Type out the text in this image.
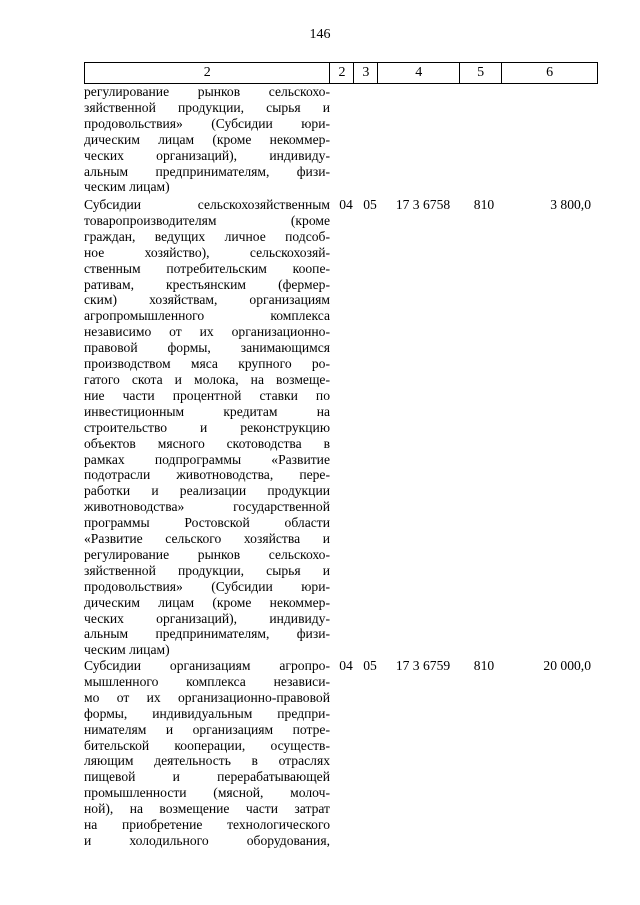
146
2	2	3	4	5	6
регулирование рынков сельскохо-
зяйственной продукции, сырья и
продовольствия» (Субсидии юри-
дическим лицам (кроме некоммер-
ческих организаций), индивиду-
альным предпринимателям, физи-
ческим лицам)
Субсидии сельскохозяйственным
товаропроизводителям (кроме
граждан, ведущих личное подсоб-
ное хозяйство), сельскохозяй-
ственным потребительским коопе-
ративам, крестьянским (фермер-
ским) хозяйствам, организациям
агропромышленного комплекса
независимо от их организационно-
правовой формы, занимающимся
производством мяса крупного ро-
гатого скота и молока, на возмеще-
ние части процентной ставки по
инвестиционным кредитам на
строительство и реконструкцию
объектов мясного скотоводства в
рамках подпрограммы «Развитие
подотрасли животноводства, пере-
работки и реализации продукции
животноводства» государственной
программы Ростовской области
«Развитие сельского хозяйства и
регулирование рынков сельскохо-
зяйственной продукции, сырья и
продовольствия» (Субсидии юри-
дическим лицам (кроме некоммер-
ческих организаций), индивиду-
альным предпринимателям, физи-
ческим лицам)
04 05	17 3 6758	810	3 800,0
Субсидии организациям агропро-
мышленного комплекса независи-
мо от их организационно-правовой
формы, индивидуальным предпри-
нимателям и организациям потре-
бительской кооперации, осуществ-
ляющим деятельность в отраслях
пищевой и перерабатывающей
промышленности (мясной, молоч-
ной), на возмещение части затрат
на приобретение технологического
и холодильного оборудования,
04 05	17 3 6759	810	20 000,0
